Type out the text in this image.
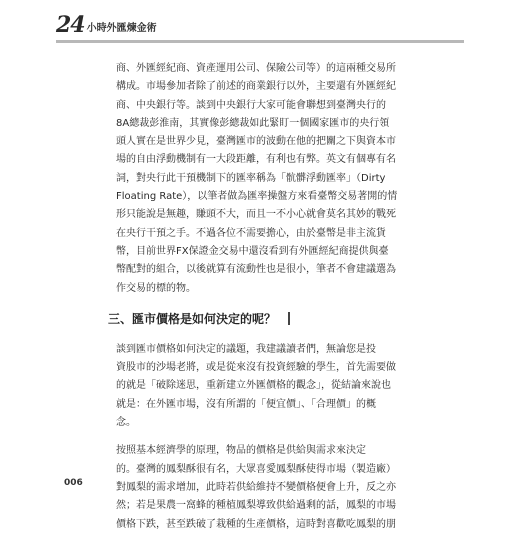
24 小時外匯煉金術

商、外匯經紀商、資產運用公司、保險公司等）的這兩種交易所

構成。市場參加者除了前述的商業銀行以外，主要還有外匯經紀

商、中央銀行等。談到中央銀行大家可能會聯想到臺灣央行的

8A總裁彭淮南，其實像彭總裁如此緊盯一個國家匯市的央行領

頭人實在是世界少見，臺灣匯市的波動在他的把關之下與資本市

場的自由浮動機制有一大段距離，有利也有弊。英文有個專有名

詞，對央行此干預機制下的匯率稱為「骯髒浮動匯率」（Dirty

Floating Rate），以筆者做為匯率操盤方來看臺幣交易著開的情

形只能說是無趣，賺頭不大，而且一不小心就會莫名其妙的戰死

在央行干預之手。不過各位不需要擔心，由於臺幣是非主流貨

幣，目前世界FX保證金交易中還沒看到有外匯經紀商提供與臺

幣配對的組合，以後就算有流動性也是很小，筆者不會建議選為

作交易的標的物。

三、匯市價格是如何決定的呢？

談到匯市價格如何決定的議題，我建議讀者們，無論您是投

資股市的沙場老將，或是從來沒有投資經驗的學生，首先需要做

的就是「破除迷思，重新建立外匯價格的觀念」，從結論來說也

就是：在外匯市場，沒有所謂的「便宜價」、「合理價」的概

念。

按照基本經濟學的原理，物品的價格是供給與需求來決定

的。臺灣的鳳梨酥很有名，大眾喜愛鳳梨酥使得市場（製造廠）

對鳳梨的需求增加，此時若供給維持不變價格便會上升，反之亦

然；若是果農一窩蜂的種植鳳梨導致供給過剩的話，鳳梨的市場

價格下跌，甚至跌破了栽種的生產價格，這時對喜歡吃鳳梨的朋

006
